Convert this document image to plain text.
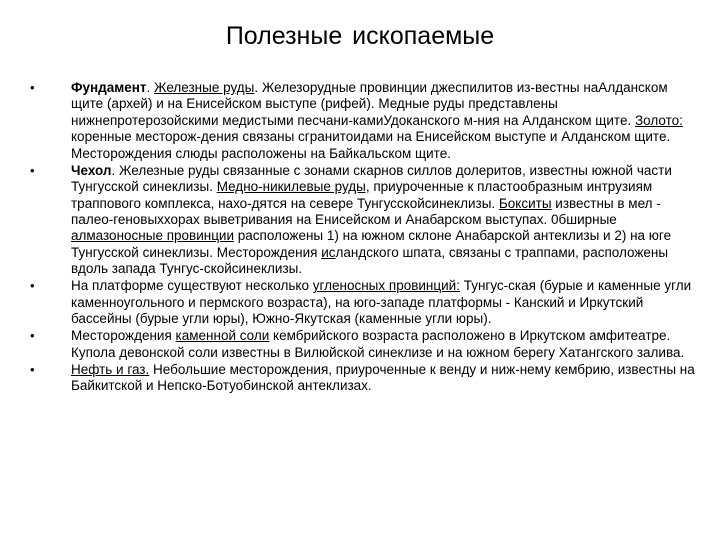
Полезные ископаемые
•	Фундамент. Железные руды. Железорудные провинции джеспилитов из-вестны наАлданском щите (архей) и на Енисейском выступе (рифей). Медные руды представлены нижнепротерозойскими медистыми песчани-камиУдоканского м-ния на Алданском щите. Золото: коренные месторож-дения связаны сгранитоидами на Енисейском выступе и Алданском щите. Месторождения слюды расположены на Байкальском щите.
•	Чехол. Железные руды связанные с зонами скарнов силлов долеритов, известны южной части Тунгусской синеклизы. Медно-никилевые руды, приуроченные к пластообразным интрузиям траппового комплекса, нахо-дятся на севере Тунгусскойсинеклизы. Бокситы известны в мел - палео-геновыххорах выветривания на Енисейском и Анабарском выступах. 0бширные алмазоносные провинции расположены 1) на южном склоне Анабарской антеклизы и 2) на юге Тунгусской синеклизы. Месторождения исландского шпата, связаны с траппами, расположены вдоль запада Тунгус-скойсинеклизы.
•	На платформе существуют несколько угленосных провинций: Тунгус-ская (бурые и каменные угли каменноугольного и пермского возраста), на юго-западе платформы - Канский и Иркутский бассейны (бурые угли юры), Южно-Якутская (каменные угли юры).
•	Месторождения каменной соли кембрийского возраста расположено в Иркутском амфитеатре. Купола девонской соли известны в Вилюйской синеклизе и на южном берегу Хатангского залива.
•	Нефть и газ. Небольшие месторождения, приуроченные к венду и ниж-нему кембрию, известны на Байкитской и Непско-Ботуобинской антеклизах.
